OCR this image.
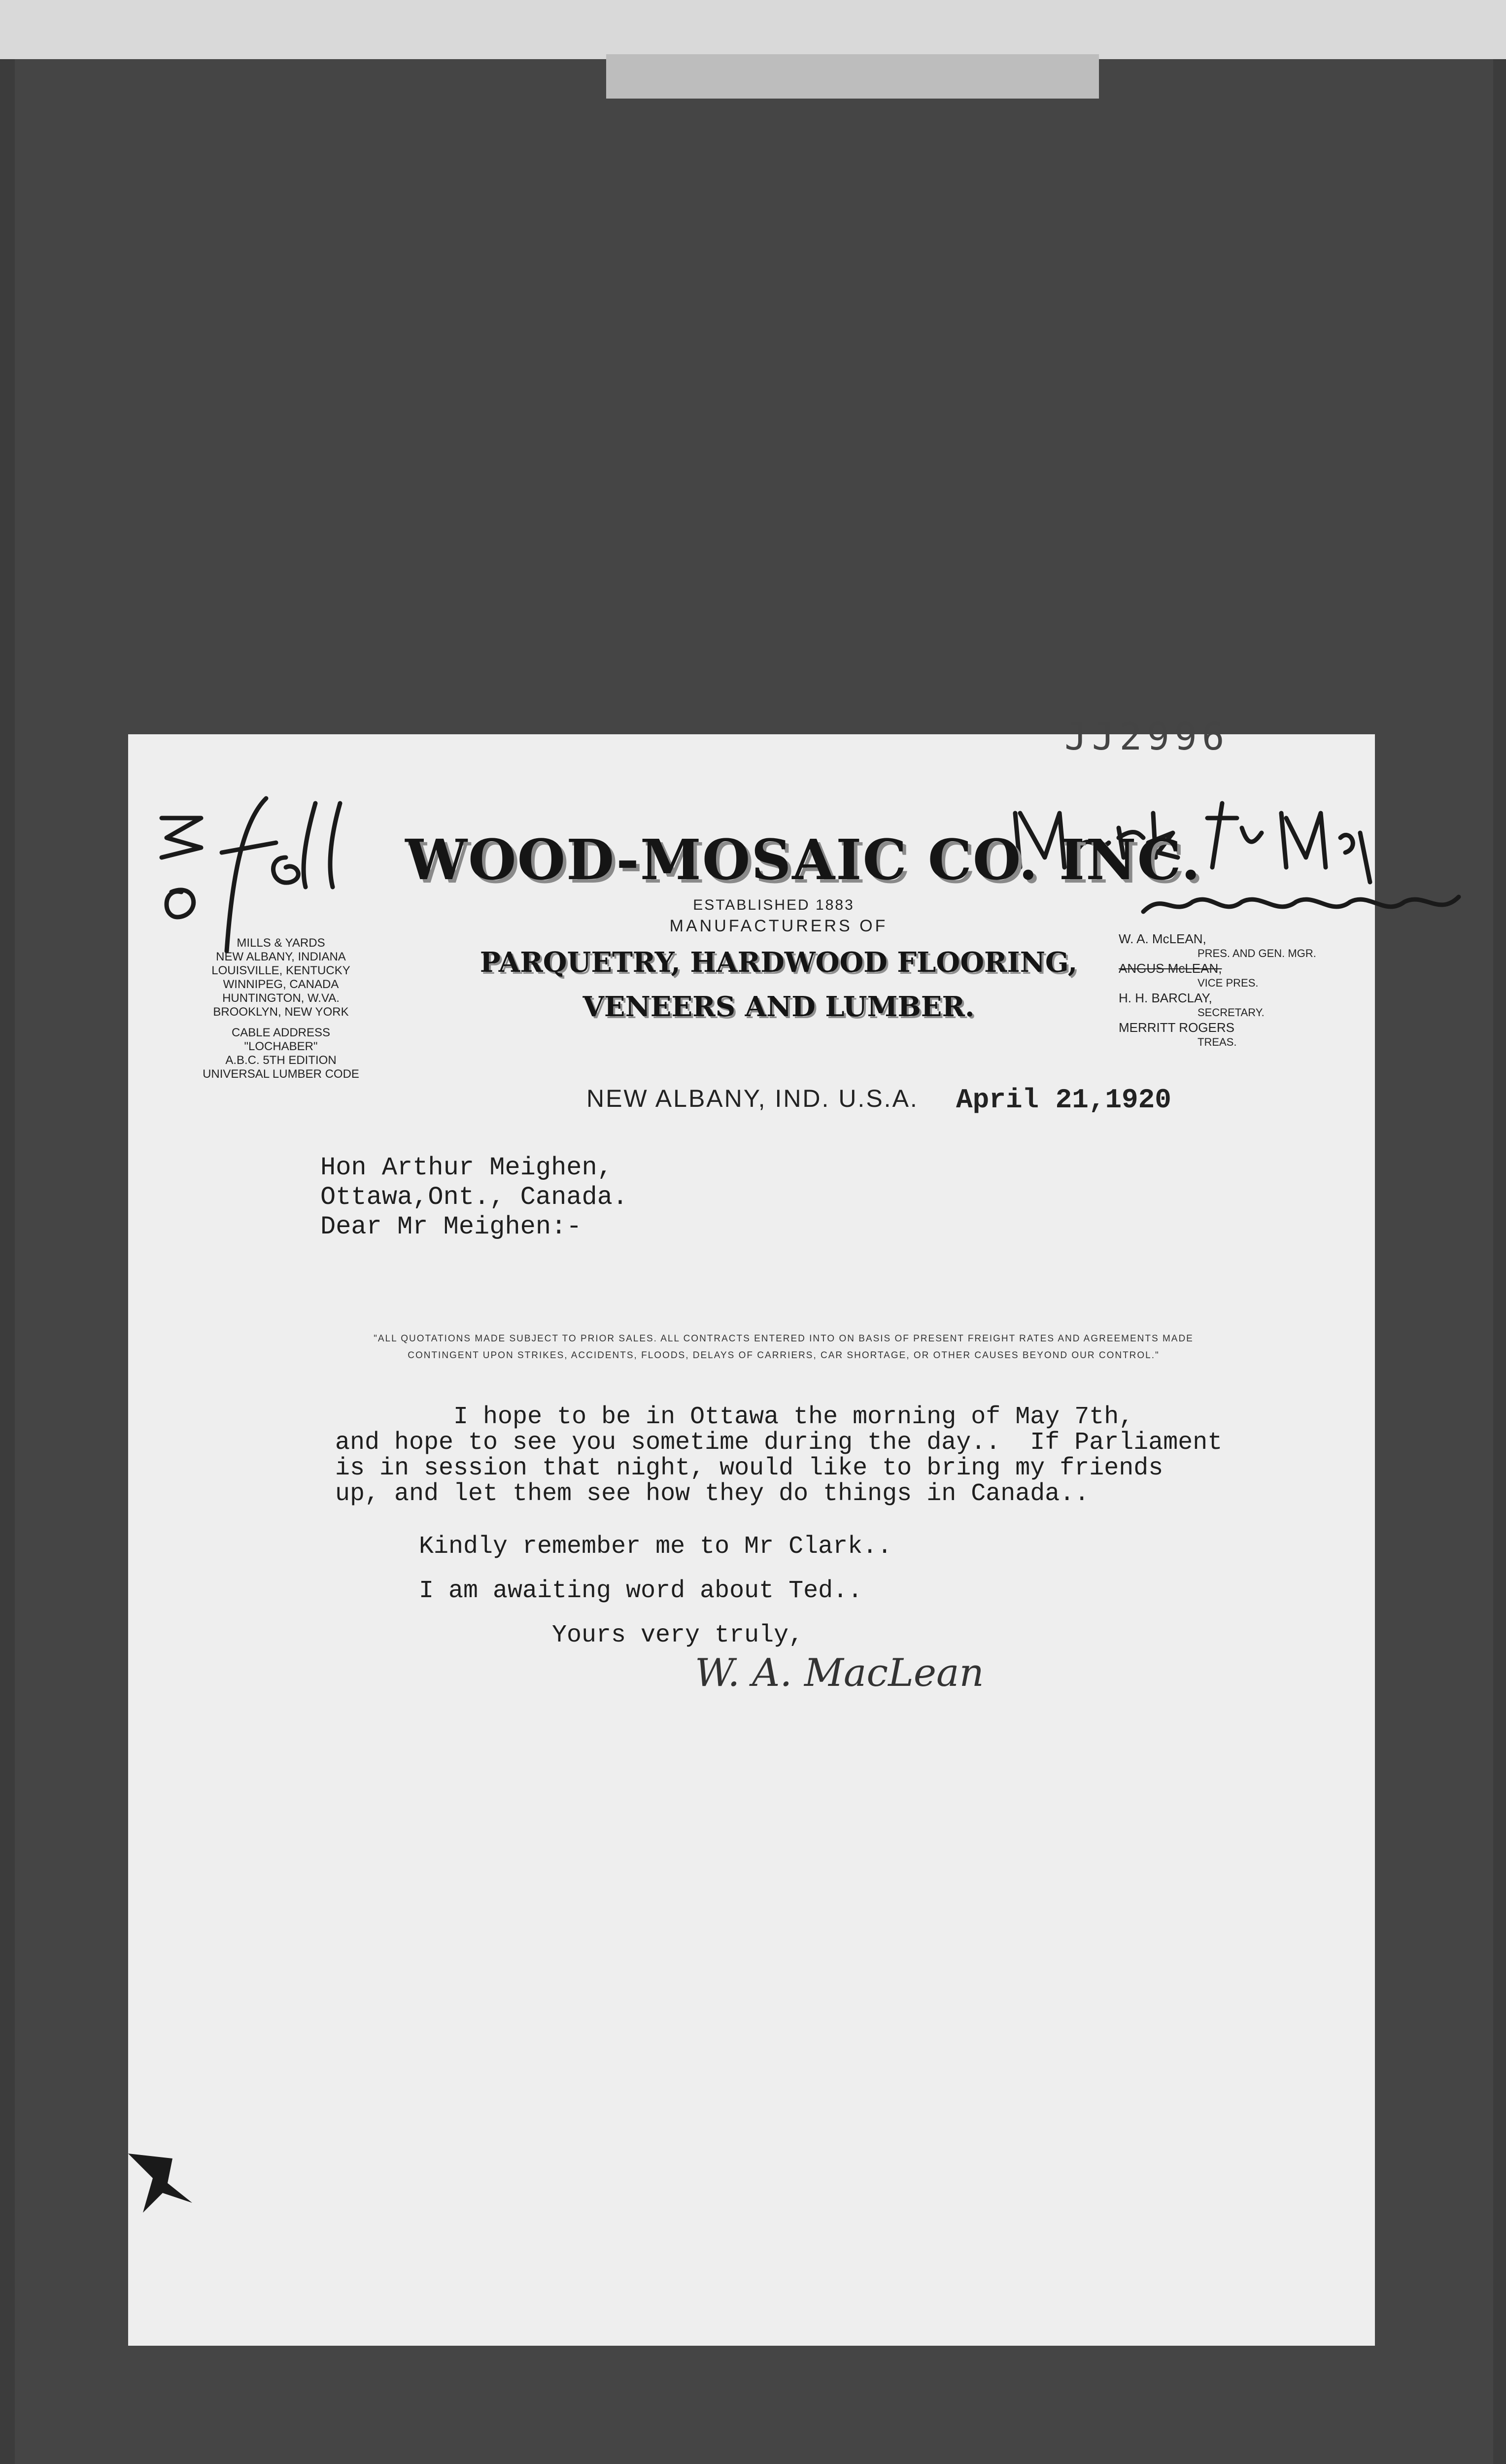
JJ2996
WOOD-MOSAIC CO. INC.
ESTABLISHED 1883
MANUFACTURERS OF
PARQUETRY, HARDWOOD FLOORING,
VENEERS AND LUMBER.
MILLS & YARDS
NEW ALBANY, INDIANA
LOUISVILLE, KENTUCKY
WINNIPEG, CANADA
HUNTINGTON, W.VA.
BROOKLYN, NEW YORK
CABLE ADDRESS
"LOCHABER"
A.B.C. 5TH EDITION
UNIVERSAL LUMBER CODE
W. A. McLEAN,
PRES. AND GEN. MGR.
ANGUS McLEAN,
VICE PRES.
H. H. BARCLAY,
SECRETARY.
MERRITT ROGERS
TREAS.
NEW ALBANY, IND. U.S.A. April 21,1920
Hon Arthur Meighen,
Ottawa,Ont., Canada.
Dear Mr Meighen:-
"ALL QUOTATIONS MADE SUBJECT TO PRIOR SALES. ALL CONTRACTS ENTERED INTO ON BASIS OF PRESENT FREIGHT RATES AND AGREEMENTS MADE
CONTINGENT UPON STRIKES, ACCIDENTS, FLOODS, DELAYS OF CARRIERS, CAR SHORTAGE, OR OTHER CAUSES BEYOND OUR CONTROL."
I hope to be in Ottawa the morning of May 7th,
and hope to see you sometime during the day..  If Parliament
is in session that night, would like to bring my friends
up, and let them see how they do things in Canada..
Kindly remember me to Mr Clark..
I am awaiting word about Ted..
Yours very truly,
W. A. MacLean
